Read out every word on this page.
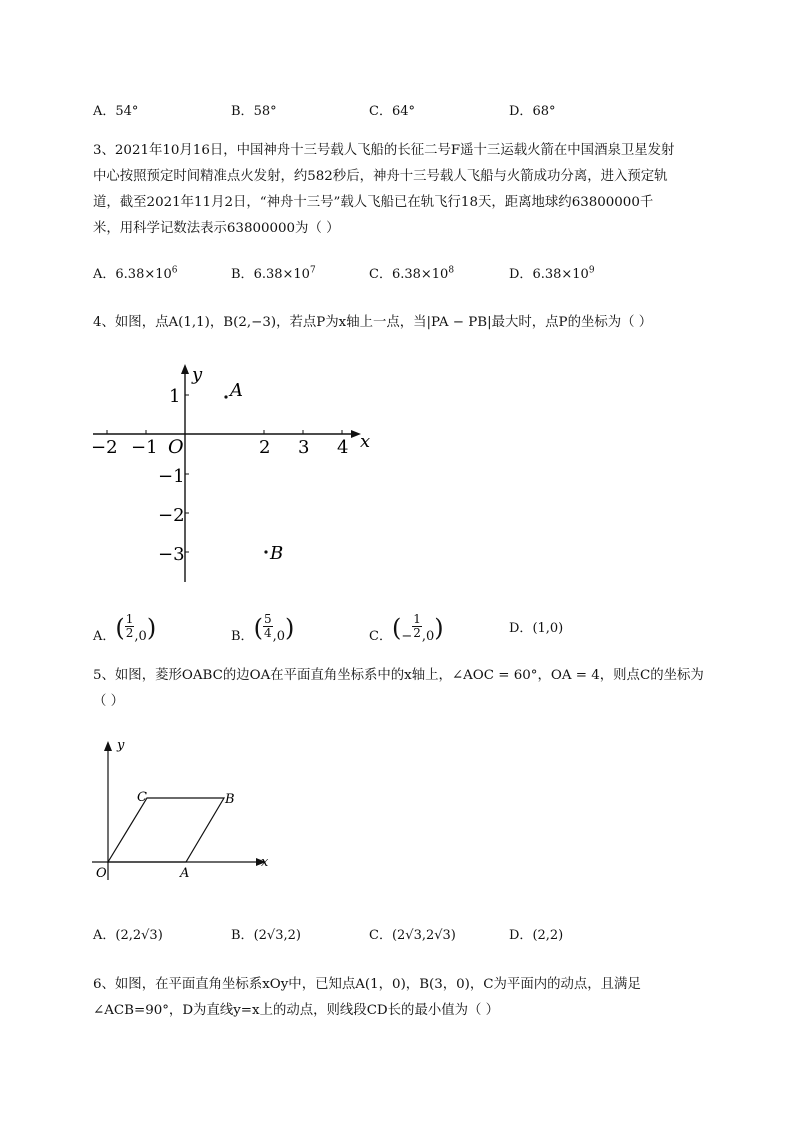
A．54°	B．58°	C．64°	D．68°
3、2021年10月16日，中国神舟十三号载人飞船的长征二号F遥十三运载火箭在中国酒泉卫星发射
中心按照预定时间精准点火发射，约582秒后，神舟十三号载人飞船与火箭成功分离，进入预定轨
道，截至2021年11月2日，“神舟十三号”载人飞船已在轨飞行18天，距离地球约63800000千
米，用科学记数法表示63800000为（ ）
A．$6.38\times 10^6$	B．$6.38\times 10^7$	C．$6.38\times 10^8$	D．$6.38\times 10^9$
4、如图，点A(1,1)，B(2,−3)，若点P为x轴上一点，当|PA − PB|最大时，点P的坐标为（ ）
−2 −1	2 3 4
O
1
−1
−2
−3
x
y
A
B
A．( $\frac{1}{2} ,0$)	B．( $\frac{5}{4} ,0$)	C．(− $\frac{1}{2} ,0$)	D．(1,0)
5、如图，菱形OABC的边OA在平面直角坐标系中的x轴上，∠AOC = 60°，OA = 4，则点C的坐标为
（ ）
y
x
O	A
B
C
A．(2,2√3)	B．(2√3,2)	C．(2√3,2√3)	D．(2,2)
6、如图，在平面直角坐标系xOy中，已知点A(1，0)，B(3，0)，C为平面内的动点，且满足
∠ACB=90°，D为直线y=x上的动点，则线段CD长的最小值为（ ）
